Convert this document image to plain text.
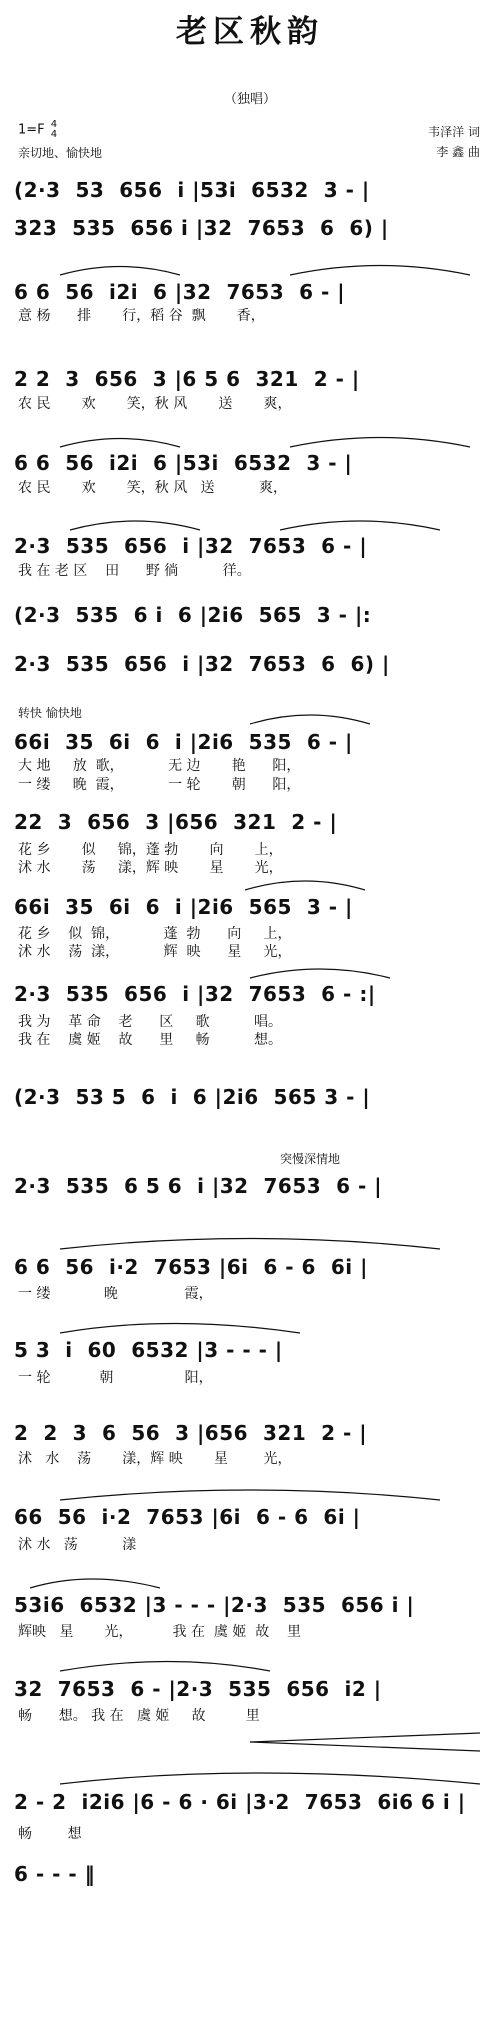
老区秋韵
（独唱）
1=F 4
4
亲切地、愉快地
韦泽洋 词
李 鑫 曲
(2·3  53  656  i |53i  6532  3 - |
323  535  656 i |32  7653  6  6) |
6 6  56  i2i  6 |32  7653  6 - |
意 杨      排       行，稻 谷  飘       香，
2 2  3  656  3 |6 5 6  321  2 - |
农 民       欢       笑，秋 风       送       爽，
6 6  56  i2i  6 |53i  6532  3 - |
农 民       欢       笑，秋 风   送          爽，
2·3  535  656  i |32  7653  6 - |
我 在 老 区    田      野 徜          徉。
(2·3  535  6 i  6 |2i6  565  3 - |:
2·3  535  656  i |32  7653  6  6) |
转快 愉快地
66i  35  6i  6  i |2i6  535  6 - |
大 地     放  歌，          无 边       艳      阳，
一 缕     晚  霞，          一 轮       朝      阳，
22  3  656  3 |656  321  2 - |
花 乡       似     锦，蓬 勃       向       上，
沭 水       荡     漾，辉 映       星       光，
66i  35  6i  6  i |2i6  565  3 - |
花 乡    似  锦，          蓬  勃      向     上，
沭 水    荡  漾，          辉  映      星     光，
2·3  535  656  i |32  7653  6 - :|
我 为    革 命    老      区     歌          唱。
我 在    虞 姬    故      里     畅          想。
(2·3  53 5  6  i  6 |2i6  565 3 - |
突慢深情地
2·3  535  6 5 6  i |32  7653  6 - |
6 6  56  i·2  7653 |6i  6 - 6  6i |
一 缕            晚               霞，
5 3  i  60  6532 |3 - - - |
一 轮           朝                阳，
2  2  3  6  56  3 |656  321  2 - |
沭   水    荡       漾，辉 映       星        光，
66  56  i·2  7653 |6i  6 - 6  6i |
沭 水   荡          漾
53i6  6532 |3 - - - |2·3  535  656 i |
辉映   星       光，         我 在  虞 姬  故    里
32  7653  6 - |2·3  535  656  i2 |
畅      想。 我 在   虞 姬     故         里
2 - 2  i2i6 |6 - 6 · 6i |3·2  7653  6i6 6 i |
畅        想
6 - - - ‖
